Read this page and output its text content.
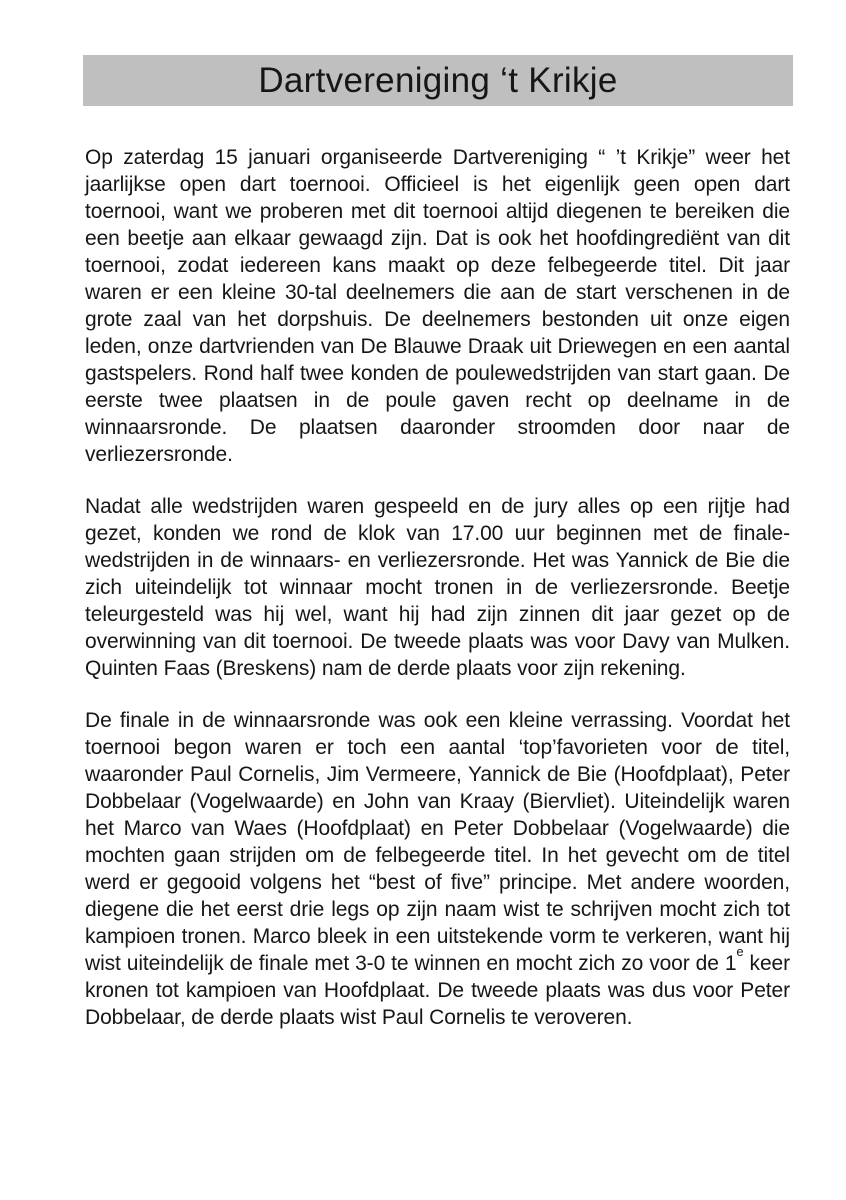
Dartvereniging ‘t Krikje

Op zaterdag 15 januari organiseerde Dartvereniging “ ’t Krikje” weer het jaarlijkse open dart toernooi. Officieel is het eigenlijk geen open dart toernooi, want we proberen met dit toernooi altijd diegenen te bereiken die een beetje aan elkaar gewaagd zijn. Dat is ook het hoofdingrediënt van dit toernooi, zodat iedereen kans maakt op deze felbegeerde titel. Dit jaar waren er een kleine 30-tal deelnemers die aan de start verschenen in de grote zaal van het dorpshuis. De deelnemers bestonden uit onze eigen leden, onze dartvrienden van De Blauwe Draak uit Driewegen en een aantal gastspelers. Rond half twee konden de poulewedstrijden van start gaan. De eerste twee plaatsen in de poule gaven recht op deelname in de winnaarsronde. De plaatsen daaronder stroomden door naar de verliezersronde.

Nadat alle wedstrijden waren gespeeld en de jury alles op een rijtje had gezet, konden we rond de klok van 17.00 uur beginnen met de finale-wedstrijden in de winnaars- en verliezersronde. Het was Yannick de Bie die zich uiteindelijk tot winnaar mocht tronen in de verliezersronde. Beetje teleurgesteld was hij wel, want hij had zijn zinnen dit jaar gezet op de overwinning van dit toernooi. De tweede plaats was voor Davy van Mulken. Quinten Faas (Breskens) nam de derde plaats voor zijn rekening.

De finale in de winnaarsronde was ook een kleine verrassing. Voordat het toernooi begon waren er toch een aantal ‘top’favorieten voor de titel, waaronder Paul Cornelis, Jim Vermeere, Yannick de Bie (Hoofdplaat), Peter Dobbelaar (Vogelwaarde) en John van Kraay (Biervliet). Uiteindelijk waren het Marco van Waes (Hoofdplaat) en Peter Dobbelaar (Vogelwaarde) die mochten gaan strijden om de felbegeerde titel. In het gevecht om de titel werd er gegooid volgens het “best of five” principe. Met andere woorden, diegene die het eerst drie legs op zijn naam wist te schrijven mocht zich tot kampioen tronen. Marco bleek in een uitstekende vorm te verkeren, want hij wist uiteindelijk de finale met 3-0 te winnen en mocht zich zo voor de 1e keer kronen tot kampioen van Hoofdplaat. De tweede plaats was dus voor Peter Dobbelaar, de derde plaats wist Paul Cornelis te veroveren.
